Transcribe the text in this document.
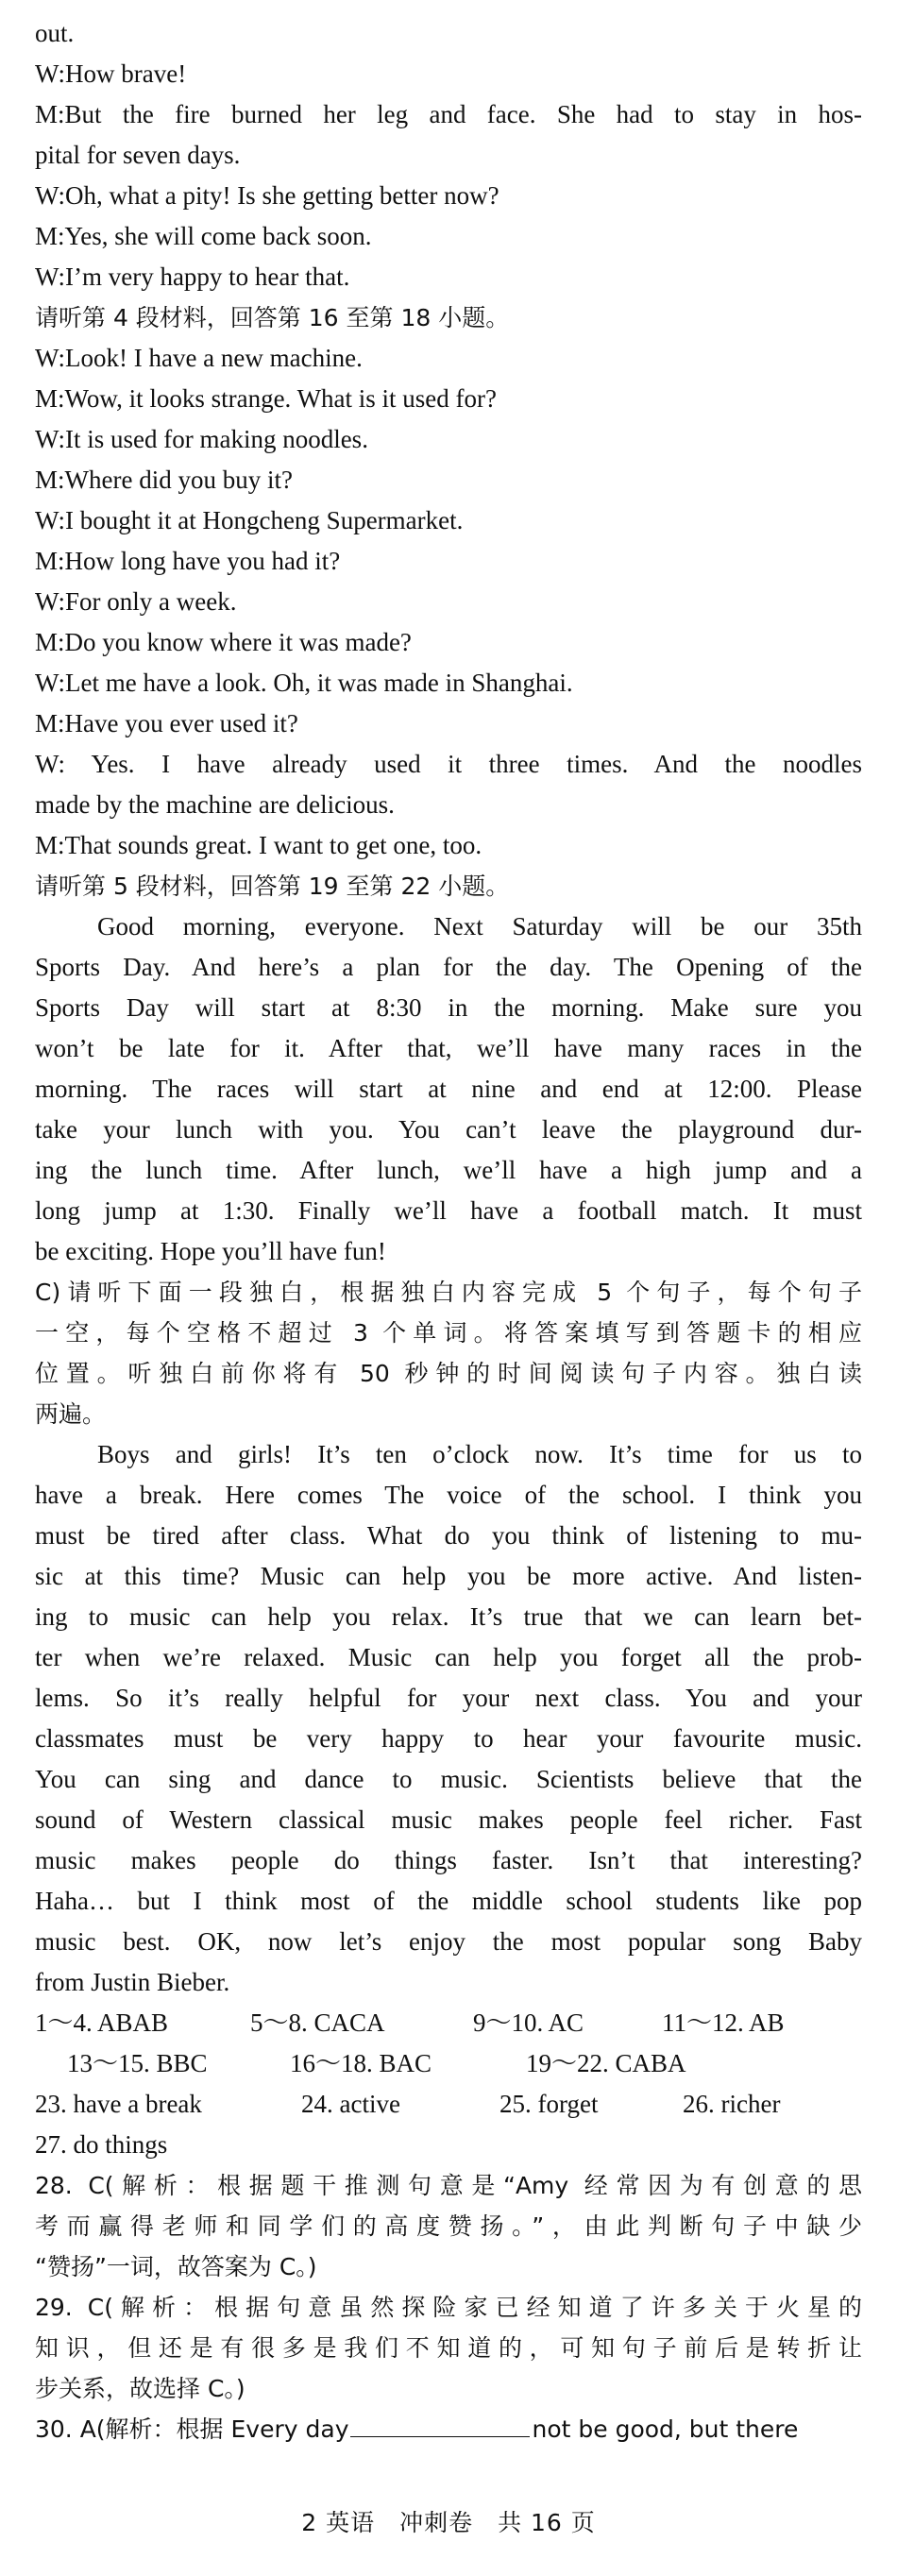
out.
W:How brave!
M:But the fire burned her leg and face. She had to stay in hos-
pital for seven days.
W:Oh, what a pity! Is she getting better now?
M:Yes, she will come back soon.
W:I’m very happy to hear that.
请听第 4 段材料，回答第 16 至第 18 小题。
W:Look! I have a new machine.
M:Wow, it looks strange. What is it used for?
W:It is used for making noodles.
M:Where did you buy it?
W:I bought it at Hongcheng Supermarket.
M:How long have you had it?
W:For only a week.
M:Do you know where it was made?
W:Let me have a look. Oh, it was made in Shanghai.
M:Have you ever used it?
W: Yes. I have already used it three times. And the noodles
made by the machine are delicious.
M:That sounds great. I want to get one, too.
请听第 5 段材料，回答第 19 至第 22 小题。
Good morning, everyone. Next Saturday will be our 35th
Sports Day. And here’s a plan for the day. The Opening of the
Sports Day will start at 8:30 in the morning. Make sure you
won’t be late for it. After that, we’ll have many races in the
morning. The races will start at nine and end at 12:00. Please
take your lunch with you. You can’t leave the playground dur-
ing the lunch time. After lunch, we’ll have a high jump and a
long jump at 1:30. Finally we’ll have a football match. It must
be exciting. Hope you’ll have fun!
C)请听下面一段独白，根据独白内容完成 5 个句子，每个句子
一空，每个空格不超过 3 个单词。将答案填写到答题卡的相应
位置。听独白前你将有 50 秒钟的时间阅读句子内容。独白读
两遍。
Boys and girls! It’s ten o’clock now. It’s time for us to
have a break. Here comes The voice of the school. I think you
must be tired after class. What do you think of listening to mu-
sic at this time? Music can help you be more active. And listen-
ing to music can help you relax. It’s true that we can learn bet-
ter when we’re relaxed. Music can help you forget all the prob-
lems. So it’s really helpful for your next class. You and your
classmates must be very happy to hear your favourite music.
You can sing and dance to music. Scientists believe that the
sound of Western classical music makes people feel richer. Fast
music makes people do things faster. Isn’t that interesting?
Haha… but I think most of the middle school students like pop
music best. OK, now let’s enjoy the most popular song Baby
from Justin Bieber.
1～4. ABAB	5～8. CACA	9～10. AC	11～12. AB
13～15. BBC	16～18. BAC	19～22. CABA
23. have a break	24. active	25. forget	26. richer
27. do things
28. C(解析：根据题干推测句意是“Amy 经常因为有创意的思
考而赢得老师和同学们的高度赞扬。”，由此判断句子中缺少
“赞扬”一词，故答案为 C。)
29. C(解析：根据句意虽然探险家已经知道了许多关于火星的
知识，但还是有很多是我们不知道的，可知句子前后是转折让
步关系，故选择 C。)
30. A(解析：根据 Every day	not be good, but there
2 英语　冲刺卷　共 16 页
